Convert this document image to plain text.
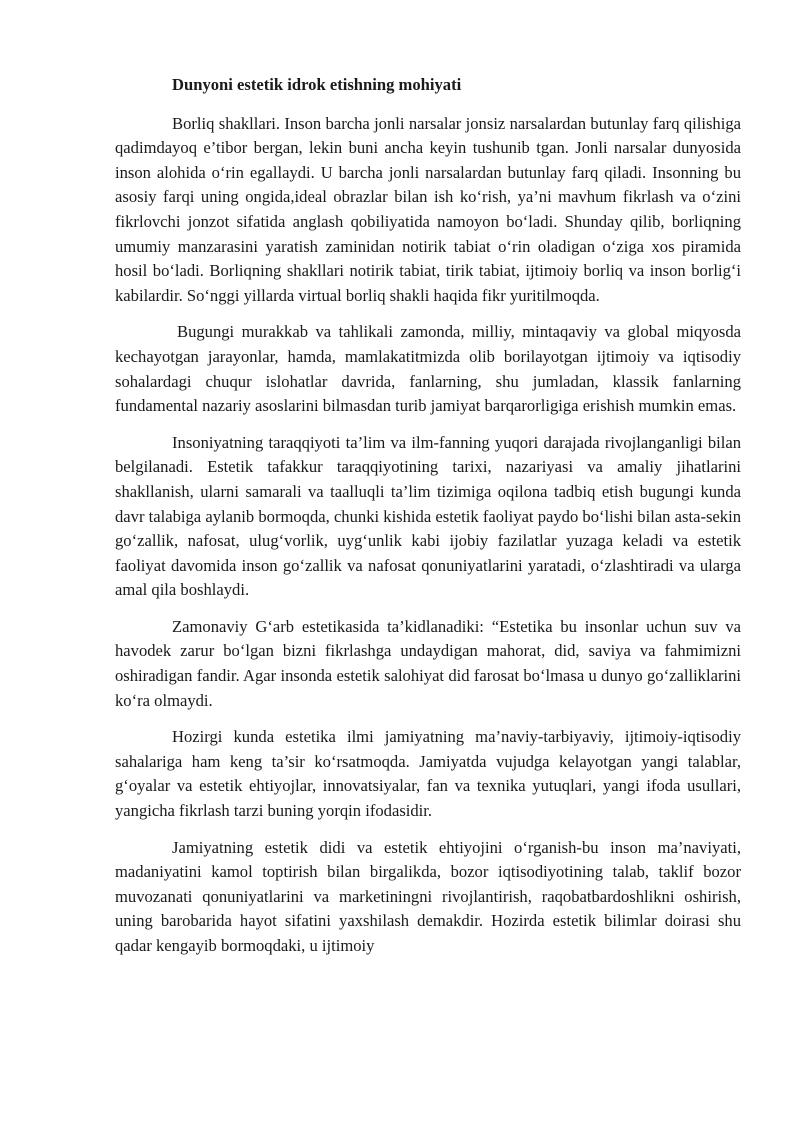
Dunyoni estetik idrok etishning mohiyati

Borliq shakllari. Inson barcha jonli narsalar jonsiz narsalardan butunlay farq qilishiga qadimdayoq e’tibor bergan, lekin buni ancha keyin tushunib tgan. Jonli narsalar dunyosida inson alohida o‘rin egallaydi. U barcha jonli narsalardan butunlay farq qiladi. Insonning bu asosiy farqi uning ongida,ideal obrazlar bilan ish ko‘rish, ya’ni mavhum fikrlash va o‘zini fikrlovchi jonzot sifatida anglash qobiliyatida namoyon bo‘ladi. Shunday qilib, borliqning umumiy manzarasini yaratish zaminidan notirik tabiat o‘rin oladigan o‘ziga xos piramida hosil bo‘ladi. Borliqning shakllari notirik tabiat, tirik tabiat, ijtimoiy borliq va inson borlig‘i kabilardir. So‘nggi yillarda virtual borliq shakli haqida fikr yuritilmoqda.

Bugungi murakkab va tahlikali zamonda, milliy, mintaqaviy va global miqyosda kechayotgan jarayonlar, hamda, mamlakatitmizda olib borilayotgan ijtimoiy va iqtisodiy sohalardagi chuqur islohatlar davrida, fanlarning, shu jumladan, klassik fanlarning fundamental nazariy asoslarini bilmasdan turib jamiyat barqarorligiga erishish mumkin emas.

Insoniyatning taraqqiyoti ta’lim va ilm-fanning yuqori darajada rivojlanganligi bilan belgilanadi. Estetik tafakkur taraqqiyotining tarixi, nazariyasi va amaliy jihatlarini shakllanish, ularni samarali va taalluqli ta’lim tizimiga oqilona tadbiq etish bugungi kunda davr talabiga aylanib bormoqda, chunki kishida estetik faoliyat paydo bo‘lishi bilan asta-sekin go‘zallik, nafosat, ulug‘vorlik, uyg‘unlik kabi ijobiy fazilatlar yuzaga keladi va estetik faoliyat davomida inson go‘zallik va nafosat qonuniyatlarini yaratadi, o‘zlashtiradi va ularga amal qila boshlaydi.

Zamonaviy G‘arb estetikasida ta’kidlanadiki: “Estetika bu insonlar uchun suv va havodek zarur bo‘lgan bizni fikrlashga undaydigan mahorat, did, saviya va fahmimizni oshiradigan fandir. Agar insonda estetik salohiyat did farosat bo‘lmasa u dunyo go‘zalliklarini ko‘ra olmaydi.

Hozirgi kunda estetika ilmi jamiyatning ma’naviy-tarbiyaviy, ijtimoiy-iqtisodiy sahalariga ham keng ta’sir ko‘rsatmoqda. Jamiyatda vujudga kelayotgan yangi talablar, g‘oyalar va estetik ehtiyojlar, innovatsiyalar, fan va texnika yutuqlari, yangi ifoda usullari, yangicha fikrlash tarzi buning yorqin ifodasidir.

Jamiyatning estetik didi va estetik ehtiyojini o‘rganish-bu inson ma’naviyati, madaniyatini kamol toptirish bilan birgalikda, bozor iqtisodiyotining talab, taklif bozor muvozanati qonuniyatlarini va marketiningni rivojlantirish, raqobatbardoshlikni oshirish, uning barobarida hayot sifatini yaxshilash demakdir. Hozirda estetik bilimlar doirasi shu qadar kengayib bormoqdaki, u ijtimoiy
